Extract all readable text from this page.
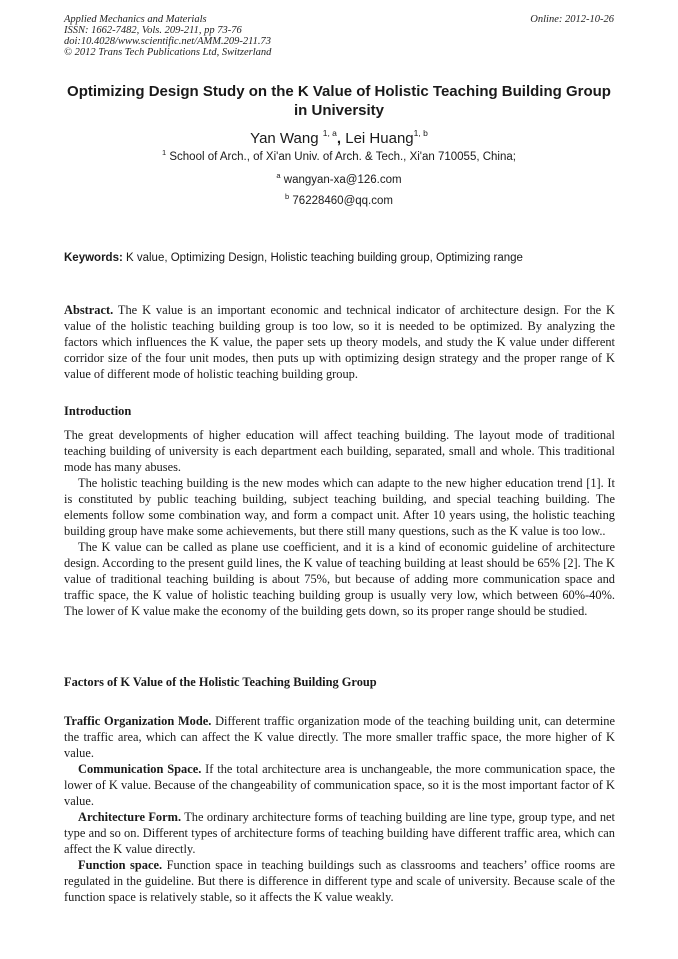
Applied Mechanics and Materials
ISSN: 1662-7482, Vols. 209-211, pp 73-76
doi:10.4028/www.scientific.net/AMM.209-211.73
© 2012 Trans Tech Publications Ltd, Switzerland
Online: 2012-10-26
Optimizing Design Study on the K Value of Holistic Teaching Building Group in University
Yan Wang $^{1, a}$, Lei Huang$^{1, b}$
$^1$ School of Arch., of Xi'an Univ. of Arch. & Tech., Xi'an 710055, China;
$^a$ wangyan-xa@126.com
$^b$ 76228460@qq.com
Keywords: K value, Optimizing Design, Holistic teaching building group, Optimizing range

Abstract. The K value is an important economic and technical indicator of architecture design. For the K value of the holistic teaching building group is too low, so it is needed to be optimized. By analyzing the factors which influences the K value, the paper sets up theory models, and study the K value under different corridor size of the four unit modes, then puts up with optimizing design strategy and the proper range of K value of different mode of holistic teaching building group.

Introduction

The great developments of higher education will affect teaching building. The layout mode of traditional teaching building of university is each department each building, separated, small and whole. This traditional mode has many abuses.

The holistic teaching building is the new modes which can adapte to the new higher education trend [1]. It is constituted by public teaching building, subject teaching building, and special teaching building. The elements follow some combination way, and form a compact unit. After 10 years using, the holistic teaching building group have make some achievements, but there still many questions, such as the K value is too low..

The K value can be called as plane use coefficient, and it is a kind of economic guideline of architecture design. According to the present guild lines, the K value of teaching building at least should be 65% [2]. The K value of traditional teaching building is about 75%, but because of adding more communication space and traffic space, the K value of holistic teaching building group is usually very low, which between 60%-40%. The lower of K value make the economy of the building gets down, so its proper range should be studied.

Factors of K Value of the Holistic Teaching Building Group

Traffic Organization Mode. Different traffic organization mode of the teaching building unit, can determine the traffic area, which can affect the K value directly. The more smaller traffic space, the more higher of K value.

Communication Space. If the total architecture area is unchangeable, the more communication space, the lower of K value. Because of the changeability of communication space, so it is the most important factor of K value.

Architecture Form. The ordinary architecture forms of teaching building are line type, group type, and net type and so on. Different types of architecture forms of teaching building have different traffic area, which can affect the K value directly.

Function space. Function space in teaching buildings such as classrooms and teachers’ office rooms are regulated in the guideline. But there is difference in different type and scale of university. Because scale of the function space is relatively stable, so it affects the K value weakly.
